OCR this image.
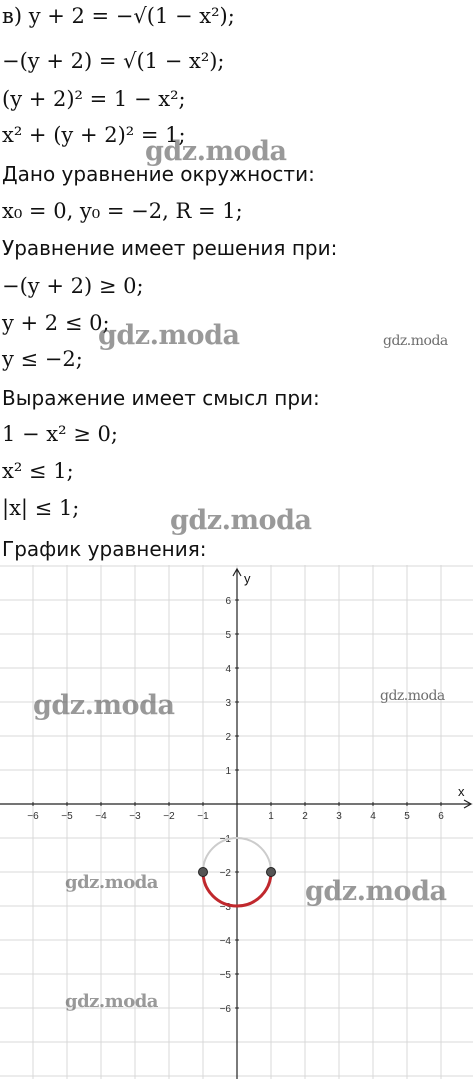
в) y + 2 = −√(1 − x²);
−(y + 2) = √(1 − x²);
(y + 2)² = 1 − x²;
x² + (y + 2)² = 1;
Дано уравнение окружности:
x₀ = 0, y₀ = −2, R = 1;
Уравнение имеет решения при:
−(y + 2) ≥ 0;
y + 2 ≤ 0;
y ≤ −2;
Выражение имеет смысл при:
1 − x² ≥ 0;
x² ≤ 1;
|x| ≤ 1;
График уравнения:
x
y
−6 −5 −4 −3 −2 −1	1	2	3	4	5	6
6
5
4
3
2
1
−1
−2
−3
−4
−5
−6
gdz.moda
gdz.moda	gdz.moda
gdz.moda
gdz.moda	gdz.moda
gdz.moda	gdz.moda
gdz.moda
